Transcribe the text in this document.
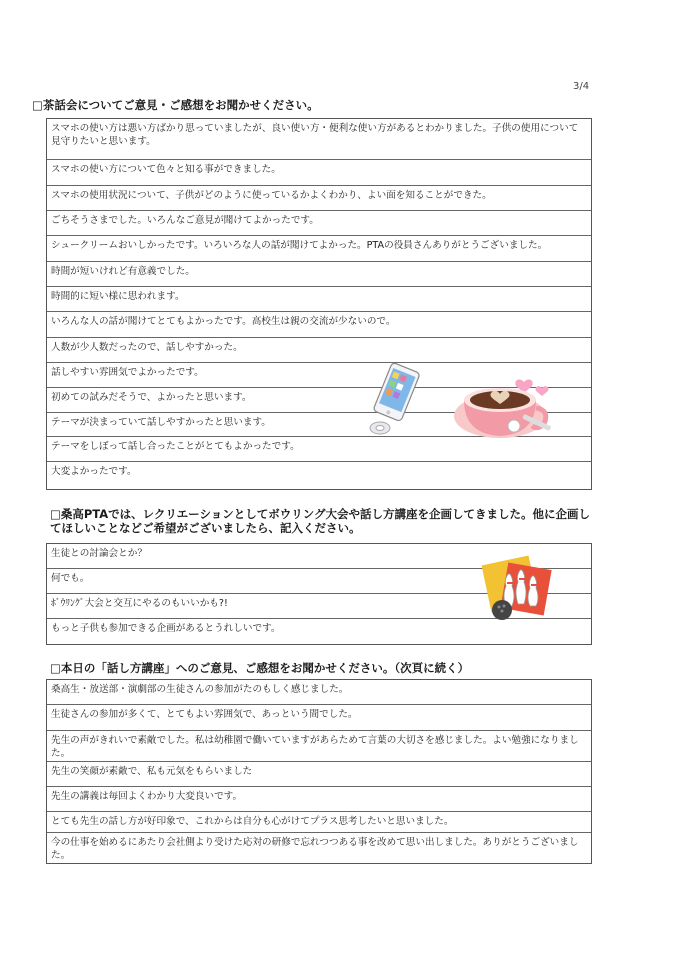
3/4
□茶話会についてご意見・ご感想をお聞かせください。
スマホの使い方は悪い方ばかり思っていましたが、良い使い方・便利な使い方があるとわかりました。子供の使用について見守りたいと思います。
スマホの使い方について色々と知る事ができました。
スマホの使用状況について、子供がどのように使っているかよくわかり、よい面を知ることができた。
ごちそうさまでした。いろんなご意見が聞けてよかったです。
シュークリームおいしかったです。いろいろな人の話が聞けてよかった。PTAの役員さんありがとうございました。
時間が短いけれど有意義でした。
時間的に短い様に思われます。
いろんな人の話が聞けてとてもよかったです。高校生は親の交流が少ないので。
人数が少人数だったので、話しやすかった。
話しやすい雰囲気でよかったです。
初めての試みだそうで、よかったと思います。
テーマが決まっていて話しやすかったと思います。
テーマをしぼって話し合ったことがとてもよかったです。
大変よかったです。
□桑高PTAでは、レクリエーションとしてボウリング大会や話し方講座を企画してきました。他に企画してほしいことなどご希望がございましたら、記入ください。
生徒との討論会とか？
何でも。
ﾎﾞｳﾘﾝｸﾞ大会と交互にやるのもいいかも?!
もっと子供も参加できる企画があるとうれしいです。
□本日の「話し方講座」へのご意見、ご感想をお聞かせください。（次頁に続く）
桑高生・放送部・演劇部の生徒さんの参加がたのもしく感じました。
生徒さんの参加が多くて、とてもよい雰囲気で、あっという間でした。
先生の声がきれいで素敵でした。私は幼稚園で働いていますがあらためて言葉の大切さを感じました。よい勉強になりました。
先生の笑顔が素敵で、私も元気をもらいました
先生の講義は毎回よくわかり大変良いです。
とても先生の話し方が好印象で、これからは自分も心がけてプラス思考したいと思いました。
今の仕事を始めるにあたり会社側より受けた応対の研修で忘れつつある事を改めて思い出しました。ありがとうございました。
